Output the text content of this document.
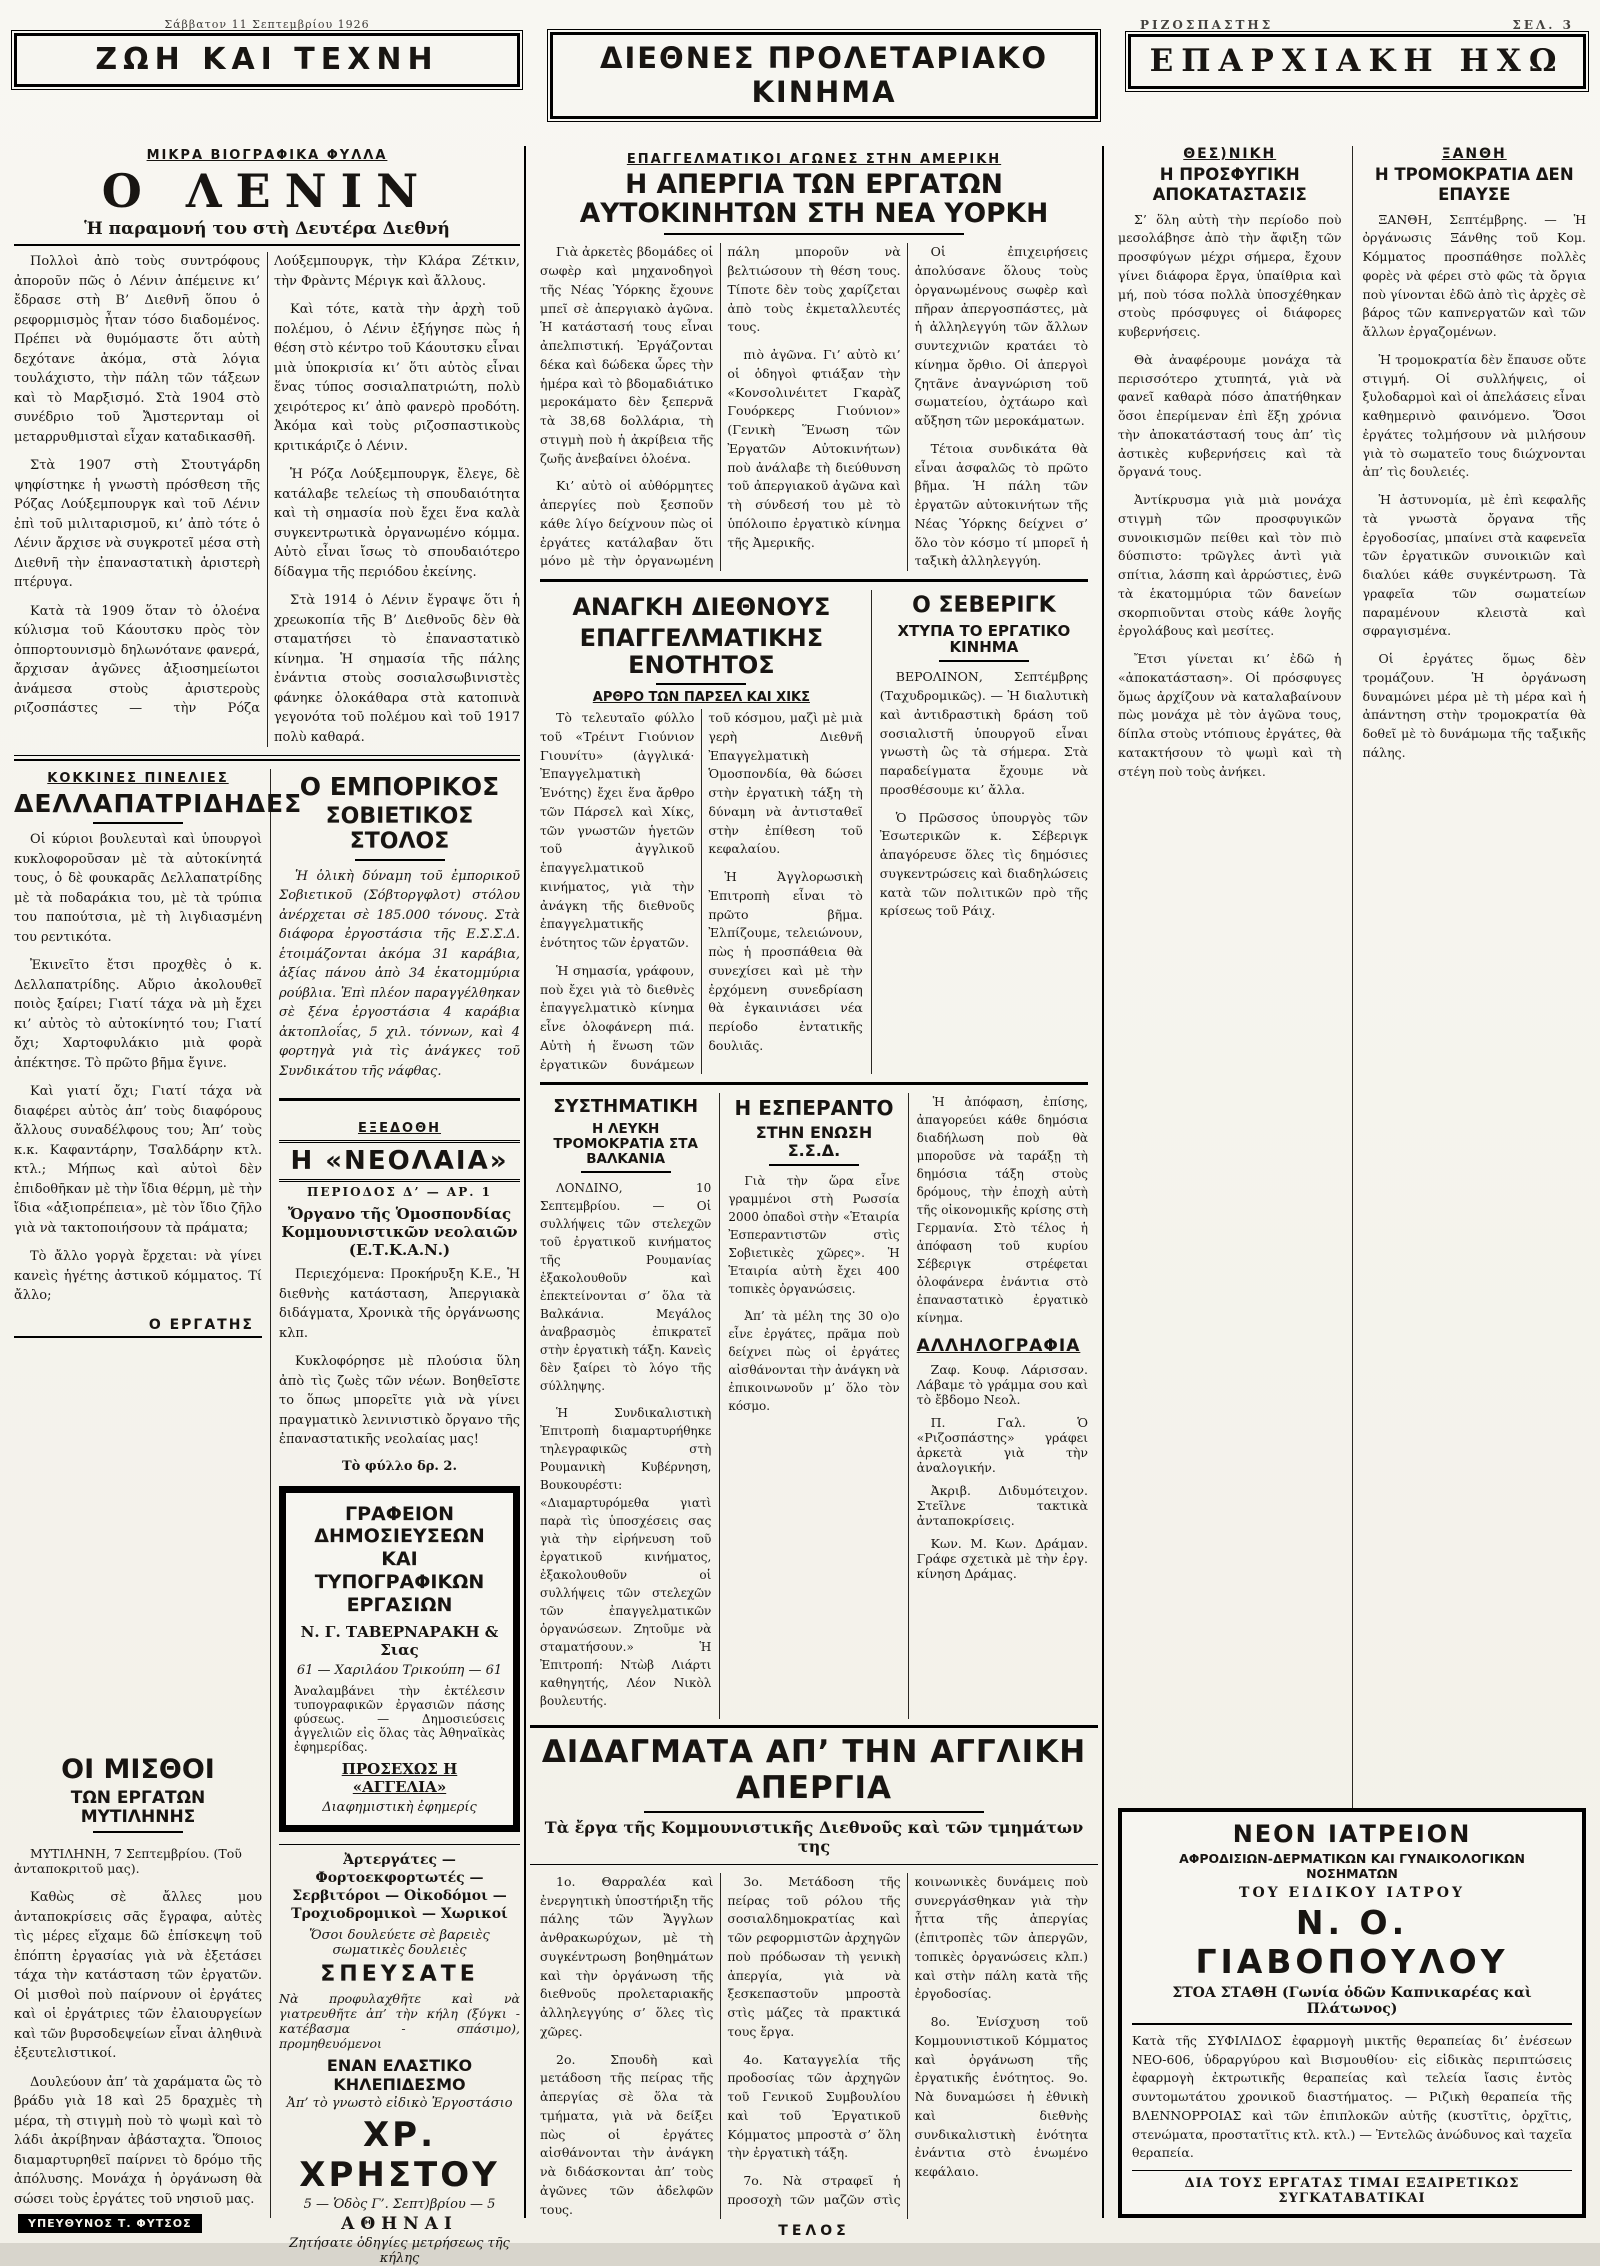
Σάββατον 11 Σεπτεμβρίου 1926
ΖΩΗ ΚΑΙ ΤΕΧΝΗ	ΔΙΕΘΝΕΣ ΠΡΟΛΕΤΑΡΙΑΚΟ ΚΙΝΗΜΑ
ΡΙΖΟΣΠΑΣΤΗΣ	ΣΕΛ. 3
ΕΠΑΡΧΙΑΚΗ ΗΧΩ
ΜΙΚΡΑ ΒΙΟΓΡΑΦΙΚΑ ΦΥΛΛΑ
Ο ΛΕΝΙΝ
Ἡ παραμονή του στὴ Δευτέρα Διεθνή

Πολλοὶ ἀπὸ τοὺς συντρόφους ἀποροῦν πῶς ὁ Λένιν ἀπέμεινε κι’ ἔδρασε στὴ Β’ Διεθνῆ ὅπου ὁ ρεφορμισμὸς ἦταν τόσο διαδομένος. Πρέπει νὰ θυμόμαστε ὅτι αὐτὴ δεχότανε ἀκόμα, στὰ λόγια τουλάχιστο, τὴν πάλη τῶν τάξεων καὶ τὸ Μαρξισμό. Στὰ 1904 στὸ συνέδριο τοῦ Ἄμστερνταμ οἱ μεταρρυθμισταὶ εἶχαν καταδικασθῆ.

Στὰ 1907 στὴ Στουτγάρδη ψηφίστηκε ἡ γνωστὴ πρόσθεση τῆς Ρόζας Λούξεμπουργκ καὶ τοῦ Λένιν ἐπὶ τοῦ μιλιταρισμοῦ, κι’ ἀπὸ τότε ὁ Λένιν ἄρχισε νὰ συγκροτεῖ μέσα στὴ Διεθνῆ τὴν ἐπαναστατικὴ ἀριστερὴ πτέρυγα.

Κατὰ τὰ 1909 ὅταν τὸ ὁλοένα κύλισμα τοῦ Κάουτσκυ πρὸς τὸν ὀππορτουνισμὸ δηλωνότανε φανερά, ἄρχισαν ἀγῶνες ἀξιοσημείωτοι ἀνάμεσα στοὺς ἀριστεροὺς ριζοσπάστες — τὴν Ρόζα Λούξεμπουργκ, τὴν Κλάρα Ζέτκιν, τὴν Φρὰντς Μέριγκ καὶ ἄλλους.

Καὶ τότε, κατὰ τὴν ἀρχὴ τοῦ πολέμου, ὁ Λένιν ἐξήγησε πὼς ἡ θέση στὸ κέντρο τοῦ Κάουτσκυ εἶναι μιὰ ὑποκρισία κι’ ὅτι αὐτὸς εἶναι ἕνας τύπος σοσιαλπατριώτη, πολὺ χειρότερος κι’ ἀπὸ φανερὸ προδότη. Ἀκόμα καὶ τοὺς ριζοσπαστικοὺς κριτικάριζε ὁ Λένιν.

Ἡ Ρόζα Λούξεμπουργκ, ἔλεγε, δὲ κατάλαβε τελείως τὴ σπουδαιότητα καὶ τὴ σημασία ποὺ ἔχει ἕνα καλὰ συγκεντρωτικὰ ὀργανωμένο κόμμα. Αὐτὸ εἶναι ἴσως τὸ σπουδαιότερο δίδαγμα τῆς περιόδου ἐκείνης.

Στὰ 1914 ὁ Λένιν ἔγραψε ὅτι ἡ χρεωκοπία τῆς Β’ Διεθνοῦς δὲν θὰ σταματήσει τὸ ἐπαναστατικὸ κίνημα. Ἡ σημασία τῆς πάλης ἐνάντια στοὺς σοσιαλσωβινιστὲς φάνηκε ὁλοκάθαρα στὰ κατοπινὰ γεγονότα τοῦ πολέμου καὶ τοῦ 1917 πολὺ καθαρά.

ΚΟΚΚΙΝΕΣ ΠΙΝΕΛΙΕΣ
ΔΕΛΛΑΠΑΤΡΙΔΗΔΕΣ

Οἱ κύριοι βουλευταὶ καὶ ὑπουργοὶ κυκλοφοροῦσαν μὲ τὰ αὐτοκίνητά τους, ὁ δὲ φουκαρᾶς Δελλαπατρίδης μὲ τὰ ποδαράκια του, μὲ τὰ τρύπια του παπούτσια, μὲ τὴ λιγδιασμένη του ρεντικότα.

Ἐκινεῖτο ἔτσι προχθὲς ὁ κ. Δελλαπατρίδης. Αὔριο ἀκολουθεῖ ποιὸς ξαίρει; Γιατί τάχα νὰ μὴ ἔχει κι’ αὐτὸς τὸ αὐτοκίνητό του; Γιατί ὄχι; Χαρτοφυλάκιο μιὰ φορὰ ἀπέκτησε. Τὸ πρῶτο βῆμα ἔγινε.

Καὶ γιατί ὄχι; Γιατί τάχα νὰ διαφέρει αὐτὸς ἀπ’ τοὺς διαφόρους ἄλλους συναδέλφους του; Ἀπ’ τοὺς κ.κ. Καφαντάρην, Τσαλδάρην κτλ. κτλ.; Μήπως καὶ αὐτοὶ δὲν ἐπιδοθῆκαν μὲ τὴν ἴδια θέρμη, μὲ τὴν ἴδια «ἀξιοπρέπεια», μὲ τὸν ἴδιο ζῆλο γιὰ νὰ τακτοποιήσουν τὰ πράματα;

Τὸ ἄλλο γοργὰ ἔρχεται: νὰ γίνει κανεὶς ἡγέτης ἀστικοῦ κόμματος. Τί ἄλλο;

Ο ΕΡΓΑΤΗΣ
ΟΙ ΜΙΣΘΟΙ
ΤΩΝ ΕΡΓΑΤΩΝ ΜΥΤΙΛΗΝΗΣ

ΜΥΤΙΛΗΝΗ, 7 Σεπτεμβρίου. (Τοῦ ἀνταποκριτοῦ μας).

Καθὼς σὲ ἄλλες μου ἀνταποκρίσεις σᾶς ἔγραφα, αὐτὲς τὶς μέρες εἴχαμε δῶ ἐπίσκεψη τοῦ ἐπόπτη ἐργασίας γιὰ νὰ ἐξετάσει τάχα τὴν κατάσταση τῶν ἐργατῶν. Οἱ μισθοὶ ποὺ παίρνουν οἱ ἐργάτες καὶ οἱ ἐργάτριες τῶν ἐλαιουργείων καὶ τῶν βυρσοδεψείων εἶναι ἀληθινὰ ἐξευτελιστικοί.

Δουλεύουν ἀπ’ τὰ χαράματα ὣς τὸ βράδυ γιὰ 18 καὶ 25 δραχμὲς τὴ μέρα, τὴ στιγμὴ ποὺ τὸ ψωμὶ καὶ τὸ λάδι ἀκρίβηναν ἀβάσταχτα. Ὅποιος διαμαρτυρηθεῖ παίρνει τὸ δρόμο τῆς ἀπόλυσης. Μονάχα ἡ ὀργάνωση θὰ σώσει τοὺς ἐργάτες τοῦ νησιοῦ μας.

Ο ΕΜΠΟΡΙΚΟΣ
ΣΟΒΙΕΤΙΚΟΣ ΣΤΟΛΟΣ

Ἡ ὁλικὴ δύναμη τοῦ ἐμπορικοῦ Σοβιετικοῦ (Σόβτοργφλοτ) στόλου ἀνέρχεται σὲ 185.000 τόνους. Στὰ διάφορα ἐργοστάσια τῆς Ε.Σ.Σ.Δ. ἑτοιμάζονται ἀκόμα 31 καράβια, ἀξίας πάνου ἀπὸ 34 ἑκατομμύρια ρούβλια. Ἐπὶ πλέον παραγγέλθηκαν σὲ ξένα ἐργοστάσια 4 καράβια ἀκτοπλοΐας, 5 χιλ. τόννων, καὶ 4 φορτηγὰ γιὰ τὶς ἀνάγκες τοῦ Συνδικάτου τῆς νάφθας.

ΕΞΕΔΟΘΗ
Η «ΝΕΟΛΑΙΑ»
ΠΕΡΙΟΔΟΣ Δ’ — ΑΡ. 1
Ὄργανο τῆς Ὁμοσπονδίας Κομμουνιστικῶν νεολαιῶν (Ε.Τ.Κ.Α.Ν.)

Περιεχόμενα: Προκήρυξη Κ.Ε., Ἡ διεθνὴς κατάσταση, Ἀπεργιακὰ διδάγματα, Χρονικὰ τῆς ὀργάνωσης κλπ.

Κυκλοφόρησε μὲ πλούσια ὕλη ἀπὸ τὶς ζωὲς τῶν νέων. Βοηθεῖστε το ὅπως μπορεῖτε γιὰ νὰ γίνει πραγματικὸ λενινιστικὸ ὄργανο τῆς ἐπαναστατικῆς νεολαίας μας!

Τὸ φύλλο δρ. 2.
ΓΡΑΦΕΙΟΝ ΔΗΜΟΣΙΕΥΣΕΩΝ
ΚΑΙ ΤΥΠΟΓΡΑΦΙΚΩΝ ΕΡΓΑΣΙΩΝ
Ν. Γ. ΤΑΒΕΡΝΑΡΑΚΗ & Σιας
61 — Χαριλάου Τρικούπη — 61
Ἀναλαμβάνει τὴν ἐκτέλεσιν τυπογραφικῶν ἐργασιῶν πάσης φύσεως. — Δημοσιεύσεις ἀγγελιῶν εἰς ὅλας τὰς Ἀθηναϊκὰς ἐφημερίδας.
ΠΡΟΣΕΧΩΣ Η «ΑΓΓΕΛΙΑ»
Διαφημιστικὴ ἐφημερίς
Ἀρτεργάτες — Φορτοεκφορτωτές — Σερβιτόροι — Οἰκοδόμοι — Τροχιοδρομικοὶ — Χωρικοί
Ὅσοι δουλεύετε σὲ βαρειὲς σωματικὲς δουλειὲς
ΣΠΕΥΣΑΤΕ
Νὰ προφυλαχθῆτε καὶ νὰ γιατρευθῆτε ἀπ’ τὴν κήλη (ξύγκι - κατέβασμα - σπάσιμο), προμηθευόμενοι
ΕΝΑΝ ΕΛΑΣΤΙΚΟ ΚΗΛΕΠΙΔΕΣΜΟ
Ἀπ’ τὸ γνωστὸ εἰδικὸ Ἐργοστάσιο
ΧΡ. ΧΡΗΣΤΟΥ
5 — Ὁδὸς Γ’. Σεπτ)βρίου — 5
ΑΘΗΝΑΙ
Ζητήσατε ὁδηγίες μετρήσεως τῆς κήλης
ΕΠΑΓΓΕΛΜΑΤΙΚΟΙ ΑΓΩΝΕΣ ΣΤΗΝ ΑΜΕΡΙΚΗ
Η ΑΠΕΡΓΙΑ ΤΩΝ ΕΡΓΑΤΩΝ ΑΥΤΟΚΙΝΗΤΩΝ ΣΤΗ ΝΕΑ ΥΟΡΚΗ

Γιὰ ἀρκετὲς βδομάδες οἱ σωφὲρ καὶ μηχανοδηγοὶ τῆς Νέας Ὑόρκης ἔχουνε μπεῖ σὲ ἀπεργιακὸ ἀγῶνα. Ἡ κατάστασή τους εἶναι ἀπελπιστική. Ἐργάζονται δέκα καὶ δώδεκα ὧρες τὴν ἡμέρα καὶ τὸ βδομαδιάτικο μεροκάματο δὲν ξεπερνᾶ τὰ 38,68 δολλάρια, τὴ στιγμὴ ποὺ ἡ ἀκρίβεια τῆς ζωῆς ἀνεβαίνει ὁλοένα.

Κι’ αὐτὸ οἱ αὐθόρμητες ἀπεργίες ποὺ ξεσποῦν κάθε λίγο δείχνουν πὼς οἱ ἐργάτες κατάλαβαν ὅτι μόνο μὲ τὴν ὀργανωμένη πάλη μποροῦν νὰ βελτιώσουν τὴ θέση τους. Τίποτε δὲν τοὺς χαρίζεται ἀπὸ τοὺς ἐκμεταλλευτές τους.

πιὸ ἀγῶνα. Γι’ αὐτὸ κι’ οἱ ὁδηγοὶ φτιάξαν τὴν «Κονσολινέιτετ Γκαρὰζ Γουόρκερς Γιούνιον» (Γενικὴ Ἕνωση τῶν Ἐργατῶν Αὐτοκινήτων) ποὺ ἀνάλαβε τὴ διεύθυνση τοῦ ἀπεργιακοῦ ἀγῶνα καὶ τὴ σύνδεσή του μὲ τὸ ὑπόλοιπο ἐργατικὸ κίνημα τῆς Ἀμερικῆς.

Οἱ ἐπιχειρήσεις ἀπολύσανε ὅλους τοὺς ὀργανωμένους σωφὲρ καὶ πῆραν ἀπεργοσπάστες, μὰ ἡ ἀλληλεγγύη τῶν ἄλλων συντεχνιῶν κρατάει τὸ κίνημα ὄρθιο. Οἱ ἀπεργοὶ ζητᾶνε ἀναγνώριση τοῦ σωματείου, ὀχτάωρο καὶ αὔξηση τῶν μεροκάματων.

Τέτοια συνδικάτα θὰ εἶναι ἀσφαλῶς τὸ πρῶτο βῆμα. Ἡ πάλη τῶν ἐργατῶν αὐτοκινήτων τῆς Νέας Ὑόρκης δείχνει σ’ ὅλο τὸν κόσμο τί μπορεῖ ἡ ταξικὴ ἀλληλεγγύη.

ΑΝΑΓΚΗ ΔΙΕΘΝΟΥΣ
ΕΠΑΓΓΕΛΜΑΤΙΚΗΣ ΕΝΟΤΗΤΟΣ
ΑΡΘΡΟ ΤΩΝ ΠΑΡΣΕΛ ΚΑΙ ΧΙΚΣ

Τὸ τελευταῖο φύλλο τοῦ «Τρέιντ Γιούνιον Γιουνίτυ» (ἀγγλικά· Ἐπαγγελματικὴ Ἑνότης) ἔχει ἕνα ἄρθρο τῶν Πάρσελ καὶ Χίκς, τῶν γνωστῶν ἡγετῶν τοῦ ἀγγλικοῦ ἐπαγγελματικοῦ κινήματος, γιὰ τὴν ἀνάγκη τῆς διεθνοῦς ἐπαγγελματικῆς ἑνότητος τῶν ἐργατῶν.

Ἡ σημασία, γράφουν, ποὺ ἔχει γιὰ τὸ διεθνὲς ἐπαγγελματικὸ κίνημα εἶνε ὁλοφάνερη πιά. Αὐτὴ ἡ ἕνωση τῶν ἐργατικῶν δυνάμεων τοῦ κόσμου, μαζὶ μὲ μιὰ γερὴ Διεθνῆ Ἐπαγγελματικὴ Ὁμοσπονδία, θὰ δώσει στὴν ἐργατικὴ τάξη τὴ δύναμη νὰ ἀντισταθεῖ στὴν ἐπίθεση τοῦ κεφαλαίου.

Ἡ Ἀγγλορωσικὴ Ἐπιτροπὴ εἶναι τὸ πρῶτο βῆμα. Ἐλπίζουμε, τελειώνουν, πὼς ἡ προσπάθεια θὰ συνεχίσει καὶ μὲ τὴν ἐρχόμενη συνεδρίαση θὰ ἐγκαινιάσει νέα περίοδο ἐντατικῆς δουλιᾶς.

Ο ΣΕΒΕΡΙΓΚ
ΧΤΥΠΑ ΤΟ ΕΡΓΑΤΙΚΟ ΚΙΝΗΜΑ

ΒΕΡΟΛΙΝΟΝ, Σεπτέμβρης (Ταχυδρομικῶς). — Ἡ διαλυτικὴ καὶ ἀντιδραστικὴ δράση τοῦ σοσιαλιστῆ ὑπουργοῦ εἶναι γνωστὴ ὣς τὰ σήμερα. Στὰ παραδείγματα ἔχουμε νὰ προσθέσουμε κι’ ἄλλα.

Ὁ Πρῶσσος ὑπουργὸς τῶν Ἐσωτερικῶν κ. Σέβεριγκ ἀπαγόρευσε ὅλες τὶς δημόσιες συγκεντρώσεις καὶ διαδηλώσεις κατὰ τῶν πολιτικῶν πρὸ τῆς κρίσεως τοῦ Ράιχ.

ΣΥΣΤΗΜΑΤΙΚΗ
Η ΛΕΥΚΗ ΤΡΟΜΟΚΡΑΤΙΑ ΣΤΑ ΒΑΛΚΑΝΙΑ

ΛΟΝΔΙΝΟ, 10 Σεπτεμβρίου. — Οἱ συλλήψεις τῶν στελεχῶν τοῦ ἐργατικοῦ κινήματος τῆς Ρουμανίας ἐξακολουθοῦν καὶ ἐπεκτείνονται σ’ ὅλα τὰ Βαλκάνια. Μεγάλος ἀναβρασμὸς ἐπικρατεῖ στὴν ἐργατικὴ τάξη. Κανεὶς δὲν ξαίρει τὸ λόγο τῆς σύλληψης.

Ἡ Συνδικαλιστικὴ Ἐπιτροπὴ διαμαρτυρήθηκε τηλεγραφικῶς στὴ Ρουμανικὴ Κυβέρνηση, Βουκουρέστι: «Διαμαρτυρόμεθα γιατὶ παρὰ τὶς ὑποσχέσεις σας γιὰ τὴν εἰρήνευση τοῦ ἐργατικοῦ κινήματος, ἐξακολουθοῦν οἱ συλλήψεις τῶν στελεχῶν τῶν ἐπαγγελματικῶν ὀργανώσεων. Ζητοῦμε νὰ σταματήσουν.» Ἡ Ἐπιτροπή: Ντὼβ Λιάρτι καθηγητής, Λέον Νικὸλ βουλευτής.

Η ΕΣΠΕΡΑΝΤΟ
ΣΤΗΝ ΕΝΩΣΗ Σ.Σ.Δ.

Γιὰ τὴν ὥρα εἶνε γραμμένοι στὴ Ρωσσία 2000 ὀπαδοὶ στὴν «Ἑταιρία Ἐσπεραντιστῶν στὶς Σοβιετικὲς χῶρες». Ἡ Ἑταιρία αὐτὴ ἔχει 400 τοπικὲς ὀργανώσεις.

Ἀπ’ τὰ μέλη της 30 ο)ο εἶνε ἐργάτες, πρᾶμα ποὺ δείχνει πὼς οἱ ἐργάτες αἰσθάνονται τὴν ἀνάγκη νὰ ἐπικοινωνοῦν μ’ ὅλο τὸν κόσμο.

Ἡ ἀπόφαση, ἐπίσης, ἀπαγορεύει κάθε δημόσια διαδήλωση ποὺ θὰ μποροῦσε νὰ ταράξῃ τὴ δημόσια τάξη στοὺς δρόμους, τὴν ἐποχὴ αὐτὴ τῆς οἰκονομικῆς κρίσης στὴ Γερμανία. Στὸ τέλος ἡ ἀπόφαση τοῦ κυρίου Σέβεριγκ στρέφεται ὁλοφάνερα ἐνάντια στὸ ἐπαναστατικὸ ἐργατικὸ κίνημα.

ΑΛΛΗΛΟΓΡΑΦΙΑ

Ζαφ. Κουφ. Λάρισσαν. Λάβαμε τὸ γράμμα σου καὶ τὸ ἔβδομο Νεολ.

Π. Γαλ. Ὁ «Ριζοσπάστης» γράφει ἀρκετὰ γιὰ τὴν ἀναλογικήν.

Ἀκριβ. Διδυμότειχον. Στεῖλνε τακτικὰ ἀνταποκρίσεις.

Κων. Μ. Κων. Δράμαν. Γράφε σχετικὰ μὲ τὴν ἐργ. κίνηση Δράμας.

ΔΙΔΑΓΜΑΤΑ ΑΠ’ ΤΗΝ ΑΓΓΛΙΚΗ ΑΠΕΡΓΙΑ
Τὰ ἔργα τῆς Κομμουνιστικῆς Διεθνοῦς καὶ τῶν τμημάτων της

1ο. Θαρραλέα καὶ ἐνεργητικὴ ὑποστήριξη τῆς πάλης τῶν Ἄγγλων ἀνθρακωρύχων, μὲ τὴ συγκέντρωση βοηθημάτων καὶ τὴν ὀργάνωση τῆς διεθνοῦς προλεταριακῆς ἀλληλεγγύης σ’ ὅλες τὶς χῶρες.

2ο. Σπουδὴ καὶ μετάδοση τῆς πείρας τῆς ἀπεργίας σὲ ὅλα τὰ τμήματα, γιὰ νὰ δείξει πὼς οἱ ἐργάτες αἰσθάνονται τὴν ἀνάγκη νὰ διδάσκονται ἀπ’ τοὺς ἀγῶνες τῶν ἀδελφῶν τους.

3ο. Μετάδοση τῆς πείρας τοῦ ρόλου τῆς σοσιαλδημοκρατίας καὶ τῶν ρεφορμιστῶν ἀρχηγῶν ποὺ πρόδωσαν τὴ γενικὴ ἀπεργία, γιὰ νὰ ξεσκεπαστοῦν μπροστὰ στὶς μάζες τὰ πρακτικά τους ἔργα.

4ο. Καταγγελία τῆς προδοσίας τῶν ἀρχηγῶν τοῦ Γενικοῦ Συμβουλίου καὶ τοῦ Ἐργατικοῦ Κόμματος μπροστὰ σ’ ὅλη τὴν ἐργατικὴ τάξη.

7ο. Νὰ στραφεῖ ἡ προσοχὴ τῶν μαζῶν στὶς κοινωνικὲς δυνάμεις ποὺ συνεργάσθηκαν γιὰ τὴν ἧττα τῆς ἀπεργίας (ἐπιτροπὲς τῶν ἀπεργῶν, τοπικὲς ὀργανώσεις κλπ.) καὶ στὴν πάλη κατὰ τῆς ἐργοδοσίας.

8ο. Ἐνίσχυση τοῦ Κομμουνιστικοῦ Κόμματος καὶ ὀργάνωση τῆς ἐργατικῆς ἑνότητος. 9ο. Νὰ δυναμώσει ἡ ἐθνικὴ καὶ διεθνὴς συνδικαλιστικὴ ἑνότητα ἐνάντια στὸ ἑνωμένο κεφάλαιο.

ΤΕΛΟΣ
ΘΕΣ)ΝΙΚΗ
Η ΠΡΟΣΦΥΓΙΚΗ ΑΠΟΚΑΤΑΣΤΑΣΙΣ

Σ’ ὅλη αὐτὴ τὴν περίοδο ποὺ μεσολάβησε ἀπὸ τὴν ἄφιξη τῶν προσφύγων μέχρι σήμερα, ἔχουν γίνει διάφορα ἔργα, ὑπαίθρια καὶ μή, ποὺ τόσα πολλὰ ὑποσχέθηκαν στοὺς πρόσφυγες οἱ διάφορες κυβερνήσεις.

Θὰ ἀναφέρουμε μονάχα τὰ περισσότερο χτυπητά, γιὰ νὰ φανεῖ καθαρὰ πόσο ἀπατήθηκαν ὅσοι ἐπερίμεναν ἐπὶ ἕξη χρόνια τὴν ἀποκατάστασή τους ἀπ’ τὶς ἀστικὲς κυβερνήσεις καὶ τὰ ὄργανά τους.

Ἀντίκρυσμα γιὰ μιὰ μονάχα στιγμὴ τῶν προσφυγικῶν συνοικισμῶν πείθει καὶ τὸν πιὸ δύσπιστο: τρῶγλες ἀντὶ γιὰ σπίτια, λάσπη καὶ ἀρρώστιες, ἐνῶ τὰ ἑκατομμύρια τῶν δανείων σκορπιοῦνται στοὺς κάθε λογῆς ἐργολάβους καὶ μεσίτες.

Ἔτσι γίνεται κι’ ἐδῶ ἡ «ἀποκατάσταση». Οἱ πρόσφυγες ὅμως ἀρχίζουν νὰ καταλαβαίνουν πὼς μονάχα μὲ τὸν ἀγῶνα τους, δίπλα στοὺς ντόπιους ἐργάτες, θὰ κατακτήσουν τὸ ψωμὶ καὶ τὴ στέγη ποὺ τοὺς ἀνήκει.

ΞΑΝΘΗ
Η ΤΡΟΜΟΚΡΑΤΙΑ ΔΕΝ ΕΠΑΥΣΕ

ΞΑΝΘΗ, Σεπτέμβρης. — Ἡ ὀργάνωσις Ξάνθης τοῦ Κομ. Κόμματος προσπάθησε πολλὲς φορὲς νὰ φέρει στὸ φῶς τὰ ὄργια ποὺ γίνονται ἐδῶ ἀπὸ τὶς ἀρχὲς σὲ βάρος τῶν καπνεργατῶν καὶ τῶν ἄλλων ἐργαζομένων.

Ἡ τρομοκρατία δὲν ἔπαυσε οὔτε στιγμή. Οἱ συλλήψεις, οἱ ξυλοδαρμοὶ καὶ οἱ ἀπελάσεις εἶναι καθημερινὸ φαινόμενο. Ὅσοι ἐργάτες τολμήσουν νὰ μιλήσουν γιὰ τὸ σωματεῖο τους διώχνονται ἀπ’ τὶς δουλειές.

Ἡ ἀστυνομία, μὲ ἐπὶ κεφαλῆς τὰ γνωστὰ ὄργανα τῆς ἐργοδοσίας, μπαίνει στὰ καφενεῖα τῶν ἐργατικῶν συνοικιῶν καὶ διαλύει κάθε συγκέντρωση. Τὰ γραφεῖα τῶν σωματείων παραμένουν κλειστὰ καὶ σφραγισμένα.

Οἱ ἐργάτες ὅμως δὲν τρομάζουν. Ἡ ὀργάνωση δυναμώνει μέρα μὲ τὴ μέρα καὶ ἡ ἀπάντηση στὴν τρομοκρατία θὰ δοθεῖ μὲ τὸ δυνάμωμα τῆς ταξικῆς πάλης.

ΝΕΟΝ ΙΑΤΡΕΙΟΝ
ΑΦΡΟΔΙΣΙΩΝ-ΔΕΡΜΑΤΙΚΩΝ ΚΑΙ ΓΥΝΑΙΚΟΛΟΓΙΚΩΝ ΝΟΣΗΜΑΤΩΝ
ΤΟΥ ΕΙΔΙΚΟΥ ΙΑΤΡΟΥ
Ν. Ο. ΓΙΑΒΟΠΟΥΛΟΥ
ΣΤΟΑ ΣΤΑΘΗ (Γωνία ὁδῶν Καπνικαρέας καὶ Πλάτωνος)
Κατὰ τῆς ΣΥΦΙΛΙΔΟΣ ἐφαρμογὴ μικτῆς θεραπείας δι’ ἐνέσεων ΝΕΟ-606, ὑδραργύρου καὶ Βισμουθίου· εἰς εἰδικὰς περιπτώσεις ἐφαρμογὴ ἐκτρωτικῆς θεραπείας καὶ τελεία ἴασις ἐντὸς συντομωτάτου χρονικοῦ διαστήματος. — Ριζικὴ θεραπεία τῆς ΒΛΕΝΝΟΡΡΟΙΑΣ καὶ τῶν ἐπιπλοκῶν αὐτῆς (κυστῖτις, ὀρχῖτις, στενώματα, προστατῖτις κτλ. κτλ.) — Ἐντελῶς ἀνώδυνος καὶ ταχεῖα θεραπεία.
ΔΙΑ ΤΟΥΣ ΕΡΓΑΤΑΣ ΤΙΜΑΙ ΕΞΑΙΡΕΤΙΚΩΣ ΣΥΓΚΑΤΑΒΑΤΙΚΑΙ
ΥΠΕΥΘΥΝΟΣ Τ. ΦΥΤΣΟΣ
